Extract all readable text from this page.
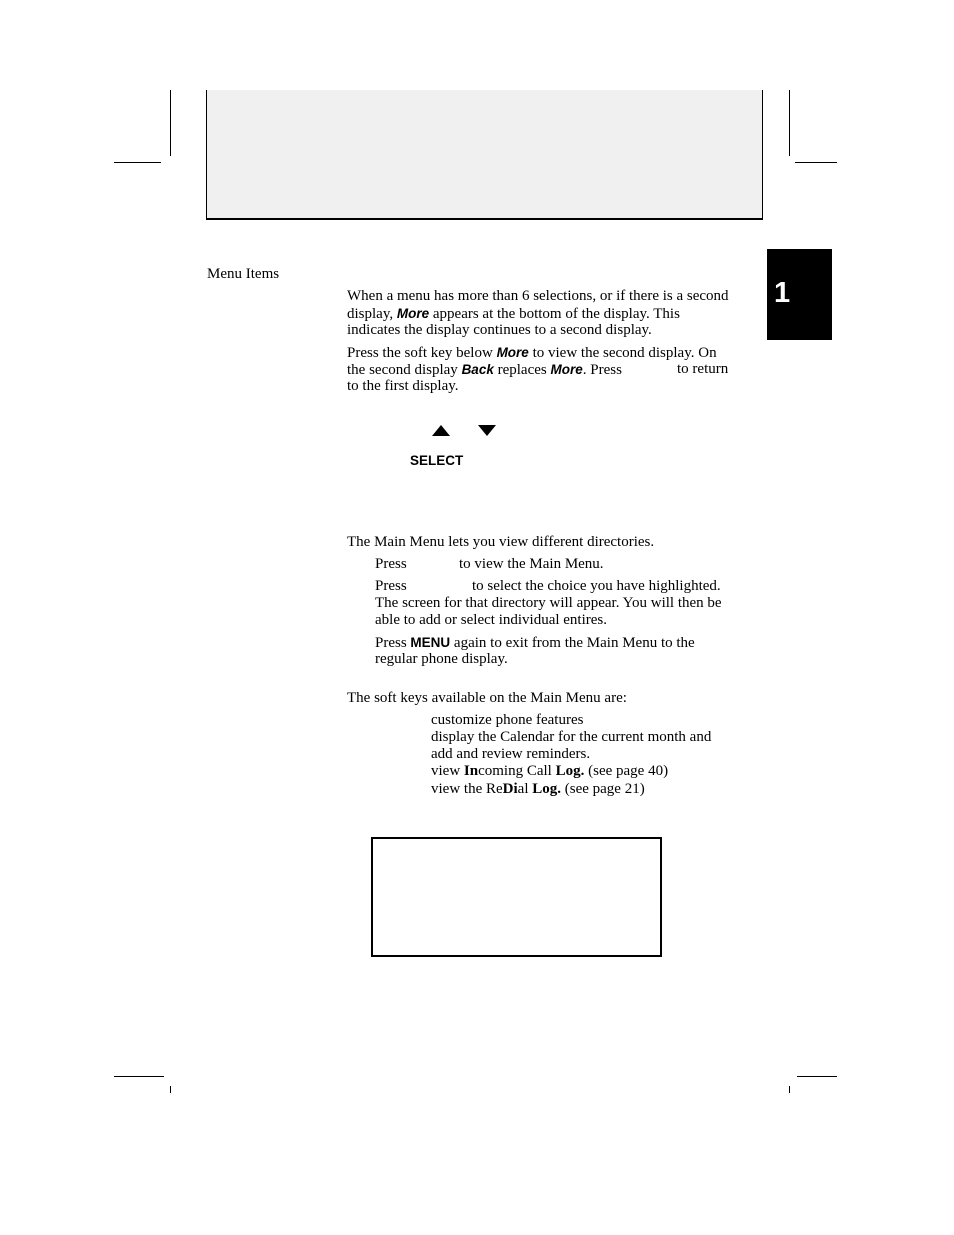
1
Menu Items
When a menu has more than 6 selections, or if there is a second
display, More appears at the bottom of the display. This
indicates the display continues to a second display.
Press the soft key below More to view the second display. On
the second display Back replaces More. Press	to return
to the first display.
SELECT
The Main Menu lets you view different directories.
Press	to view the Main Menu.
Press	to select the choice you have highlighted.
The screen for that directory will appear. You will then be
able to add or select individual entires.
Press MENU again to exit from the Main Menu to the
regular phone display.
The soft keys available on the Main Menu are:
customize phone features
display the Calendar for the current month and
add and review reminders.
view Incoming Call Log. (see page 40)
view the ReDial Log. (see page 21)
